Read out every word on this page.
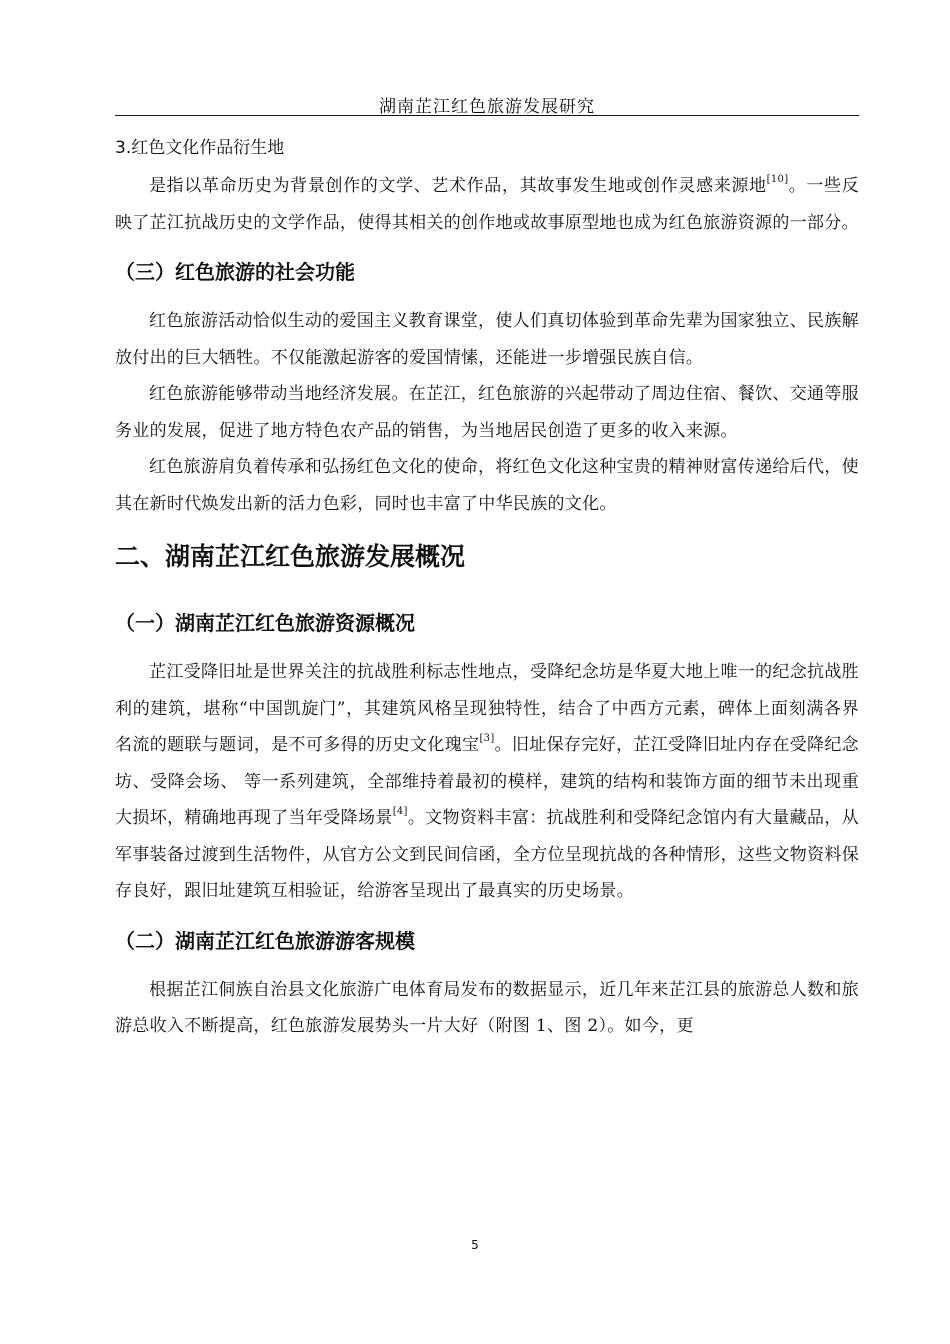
湖南芷江红色旅游发展研究
3.红色文化作品衍生地

是指以革命历史为背景创作的文学、艺术作品，其故事发生地或创作灵感来源地[10]。一些反映了芷江抗战历史的文学作品，使得其相关的创作地或故事原型地也成为红色旅游资源的一部分。

（三）红色旅游的社会功能

红色旅游活动恰似生动的爱国主义教育课堂，使人们真切体验到革命先辈为国家独立、民族解放付出的巨大牺牲。不仅能激起游客的爱国情愫，还能进一步增强民族自信。

红色旅游能够带动当地经济发展。在芷江，红色旅游的兴起带动了周边住宿、餐饮、交通等服务业的发展，促进了地方特色农产品的销售，为当地居民创造了更多的收入来源。

红色旅游肩负着传承和弘扬红色文化的使命，将红色文化这种宝贵的精神财富传递给后代，使其在新时代焕发出新的活力色彩，同时也丰富了中华民族的文化。

二、湖南芷江红色旅游发展概况
（一）湖南芷江红色旅游资源概况

芷江受降旧址是世界关注的抗战胜利标志性地点，受降纪念坊是华夏大地上唯一的纪念抗战胜利的建筑，堪称“中国凯旋门”，其建筑风格呈现独特性，结合了中西方元素，碑体上面刻满各界名流的题联与题词，是不可多得的历史文化瑰宝[3]。旧址保存完好，芷江受降旧址内存在受降纪念坊、受降会场、 等一系列建筑，全部维持着最初的模样，建筑的结构和装饰方面的细节未出现重大损坏，精确地再现了当年受降场景[4]。文物资料丰富：抗战胜利和受降纪念馆内有大量藏品，从军事装备过渡到生活物件，从官方公文到民间信函，全方位呈现抗战的各种情形，这些文物资料保存良好，跟旧址建筑互相验证，给游客呈现出了最真实的历史场景。

（二）湖南芷江红色旅游游客规模

根据芷江侗族自治县文化旅游广电体育局发布的数据显示，近几年来芷江县的旅游总人数和旅游总收入不断提高，红色旅游发展势头一片大好（附图 1、图 2）。如今，更

5
